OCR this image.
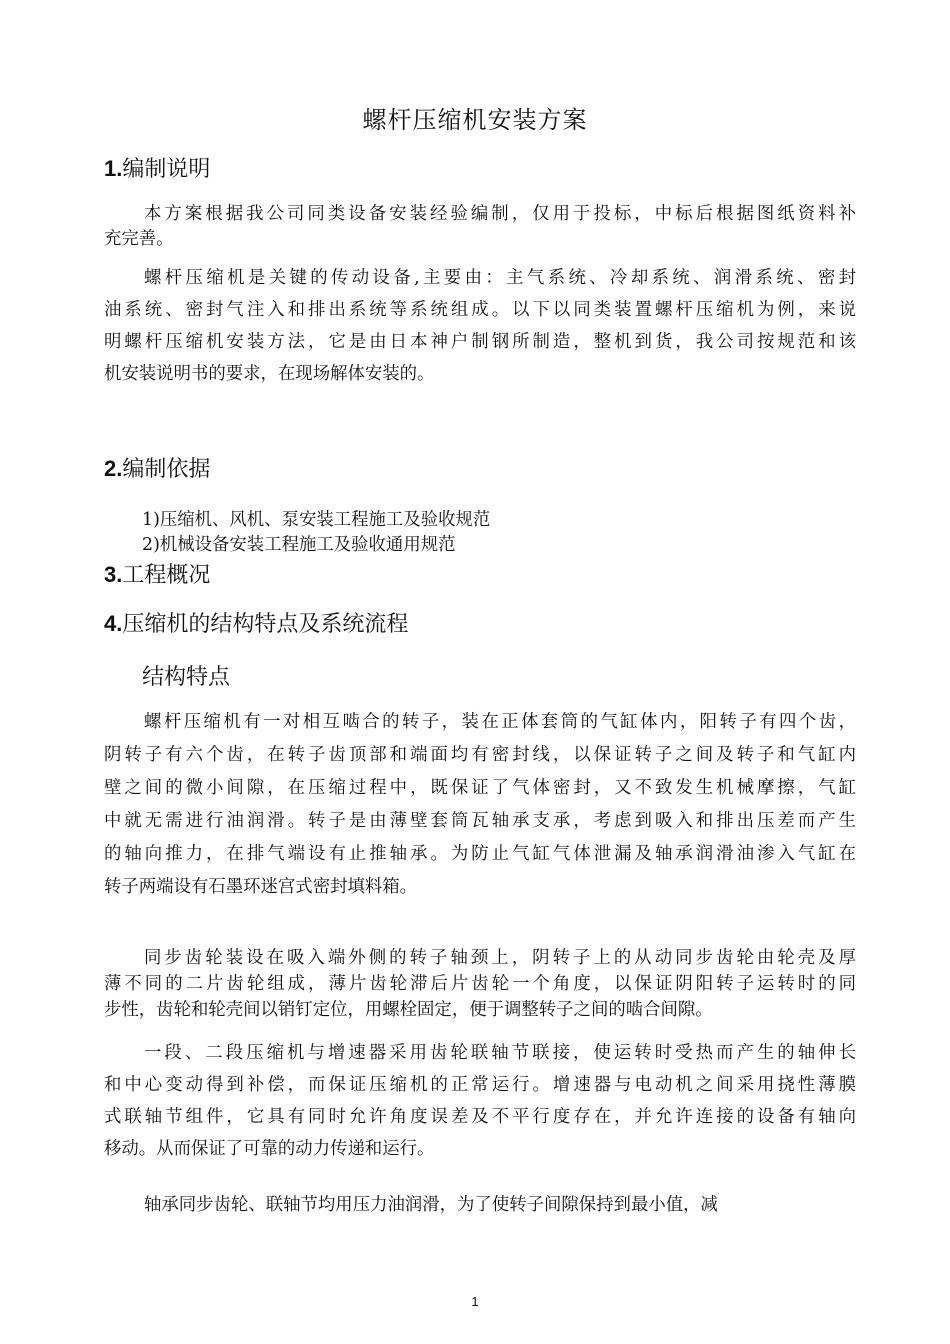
螺杆压缩机安装方案
1.编制说明
本方案根据我公司同类设备安装经验编制，仅用于投标，中标后根据图纸资料补
充完善。
螺杆压缩机是关键的传动设备,主要由：主气系统、冷却系统、润滑系统、密封
油系统、密封气注入和排出系统等系统组成。以下以同类装置螺杆压缩机为例，来说
明螺杆压缩机安装方法，它是由日本神户制钢所制造，整机到货，我公司按规范和该
机安装说明书的要求，在现场解体安装的。
2.编制依据
1)压缩机、风机、泵安装工程施工及验收规范
2)机械设备安装工程施工及验收通用规范
3.工程概况
4.压缩机的结构特点及系统流程
结构特点
螺杆压缩机有一对相互啮合的转子，装在正体套筒的气缸体内，阳转子有四个齿，
阴转子有六个齿，在转子齿顶部和端面均有密封线，以保证转子之间及转子和气缸内
壁之间的微小间隙，在压缩过程中，既保证了气体密封，又不致发生机械摩擦，气缸
中就无需进行油润滑。转子是由薄壁套筒瓦轴承支承，考虑到吸入和排出压差而产生
的轴向推力，在排气端设有止推轴承。为防止气缸气体泄漏及轴承润滑油渗入气缸在
转子两端设有石墨环迷宫式密封填料箱。
同步齿轮装设在吸入端外侧的转子轴颈上，阴转子上的从动同步齿轮由轮壳及厚
薄不同的二片齿轮组成，薄片齿轮滞后片齿轮一个角度，以保证阴阳转子运转时的同
步性，齿轮和轮壳间以销钉定位，用螺栓固定，便于调整转子之间的啮合间隙。
一段、二段压缩机与增速器采用齿轮联轴节联接，使运转时受热而产生的轴伸长
和中心变动得到补偿，而保证压缩机的正常运行。增速器与电动机之间采用挠性薄膜
式联轴节组件，它具有同时允许角度误差及不平行度存在，并允许连接的设备有轴向
移动。从而保证了可靠的动力传递和运行。
轴承同步齿轮、联轴节均用压力油润滑，为了使转子间隙保持到最小值，减
1
